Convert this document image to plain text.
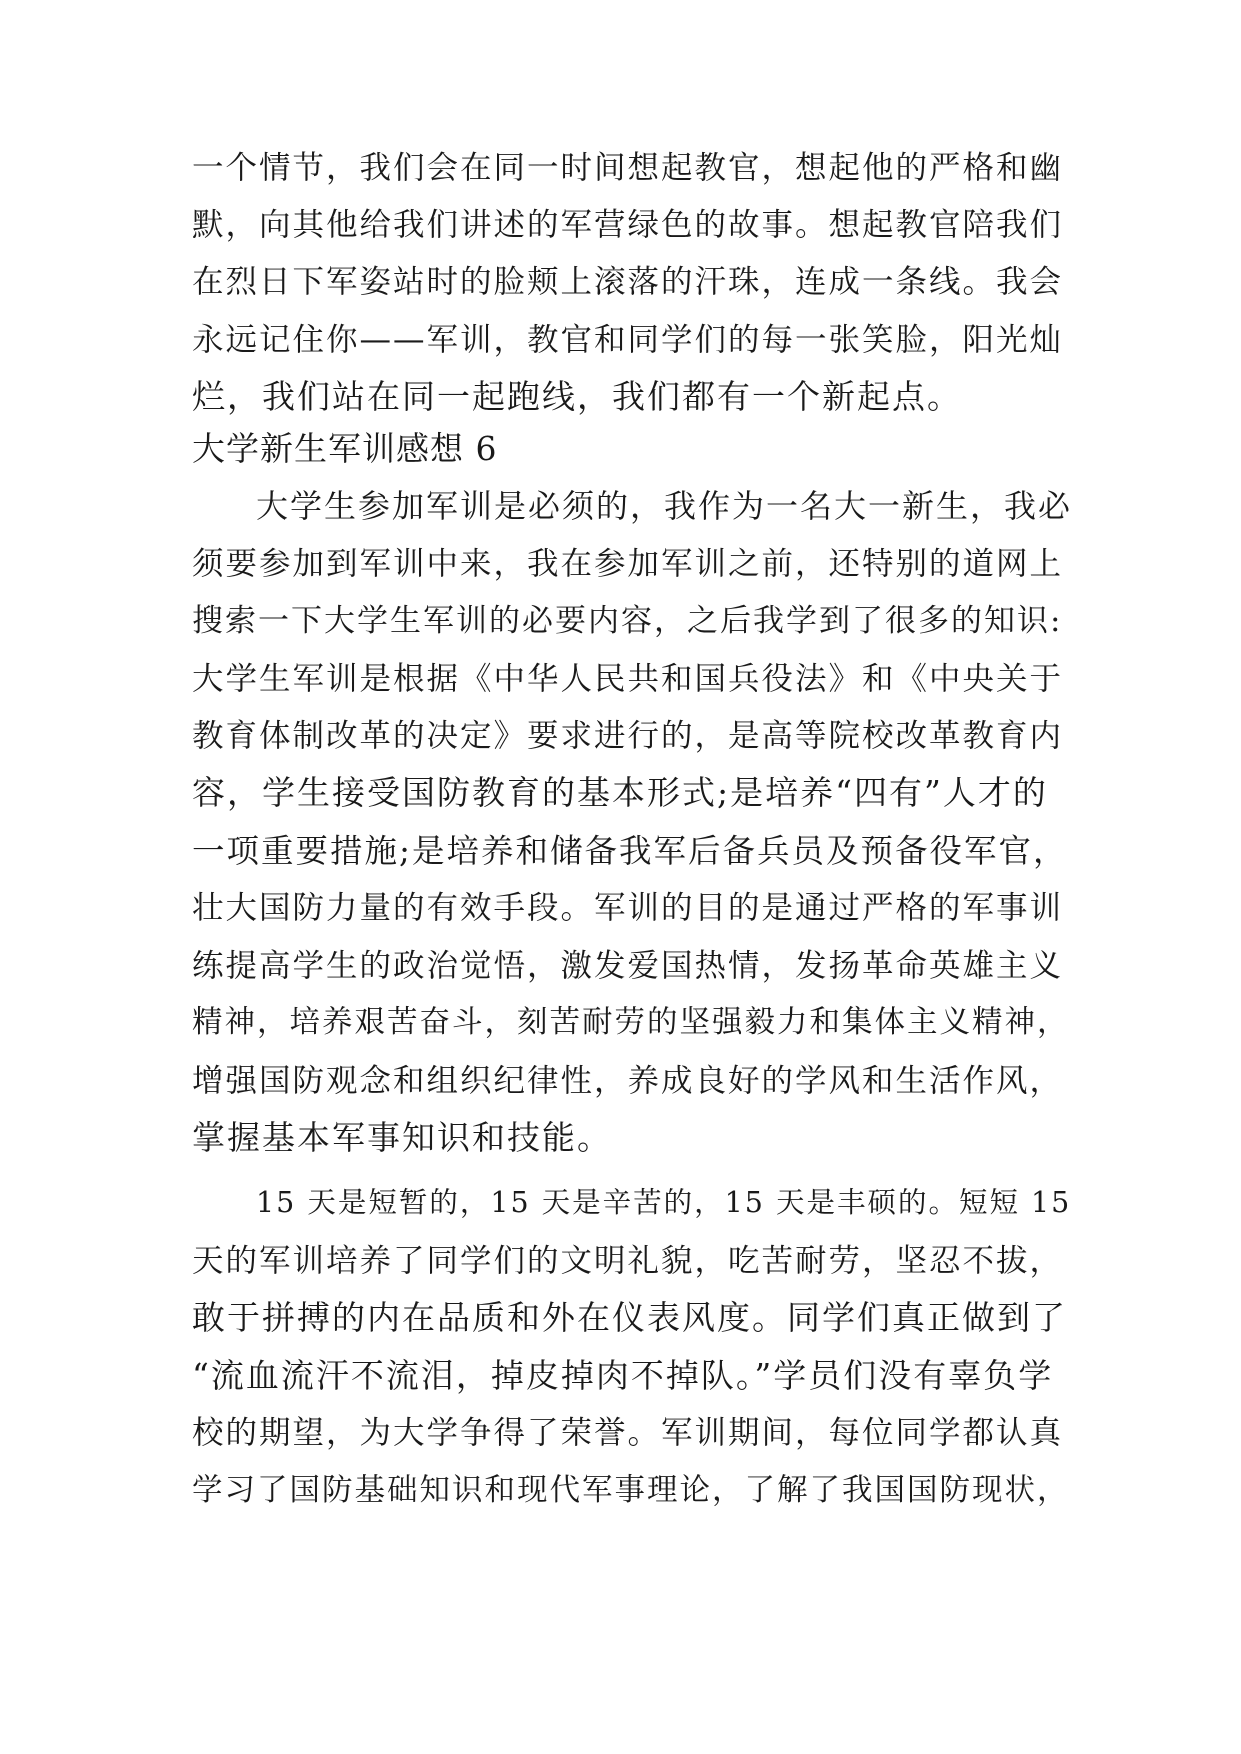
一个情节，我们会在同一时间想起教官，想起他的严格和幽
默，向其他给我们讲述的军营绿色的故事。想起教官陪我们
在烈日下军姿站时的脸颊上滚落的汗珠，连成一条线。我会
永远记住你——军训，教官和同学们的每一张笑脸，阳光灿
烂，我们站在同一起跑线，我们都有一个新起点。
大学新生军训感想 6
大学生参加军训是必须的，我作为一名大一新生，我必
须要参加到军训中来，我在参加军训之前，还特别的道网上
搜索一下大学生军训的必要内容，之后我学到了很多的知识:
大学生军训是根据《中华人民共和国兵役法》和《中央关于
教育体制改革的决定》要求进行的，是高等院校改革教育内
容，学生接受国防教育的基本形式;是培养“四有”人才的
一项重要措施;是培养和储备我军后备兵员及预备役军官，
壮大国防力量的有效手段。军训的目的是通过严格的军事训
练提高学生的政治觉悟，激发爱国热情，发扬革命英雄主义
精神，培养艰苦奋斗，刻苦耐劳的坚强毅力和集体主义精神，
增强国防观念和组织纪律性，养成良好的学风和生活作风，
掌握基本军事知识和技能。
15 天是短暂的，15 天是辛苦的，15 天是丰硕的。短短 15
天的军训培养了同学们的文明礼貌，吃苦耐劳，坚忍不拔，
敢于拼搏的内在品质和外在仪表风度。同学们真正做到了
“流血流汗不流泪，掉皮掉肉不掉队。”学员们没有辜负学
校的期望，为大学争得了荣誉。军训期间，每位同学都认真
学习了国防基础知识和现代军事理论，了解了我国国防现状，
